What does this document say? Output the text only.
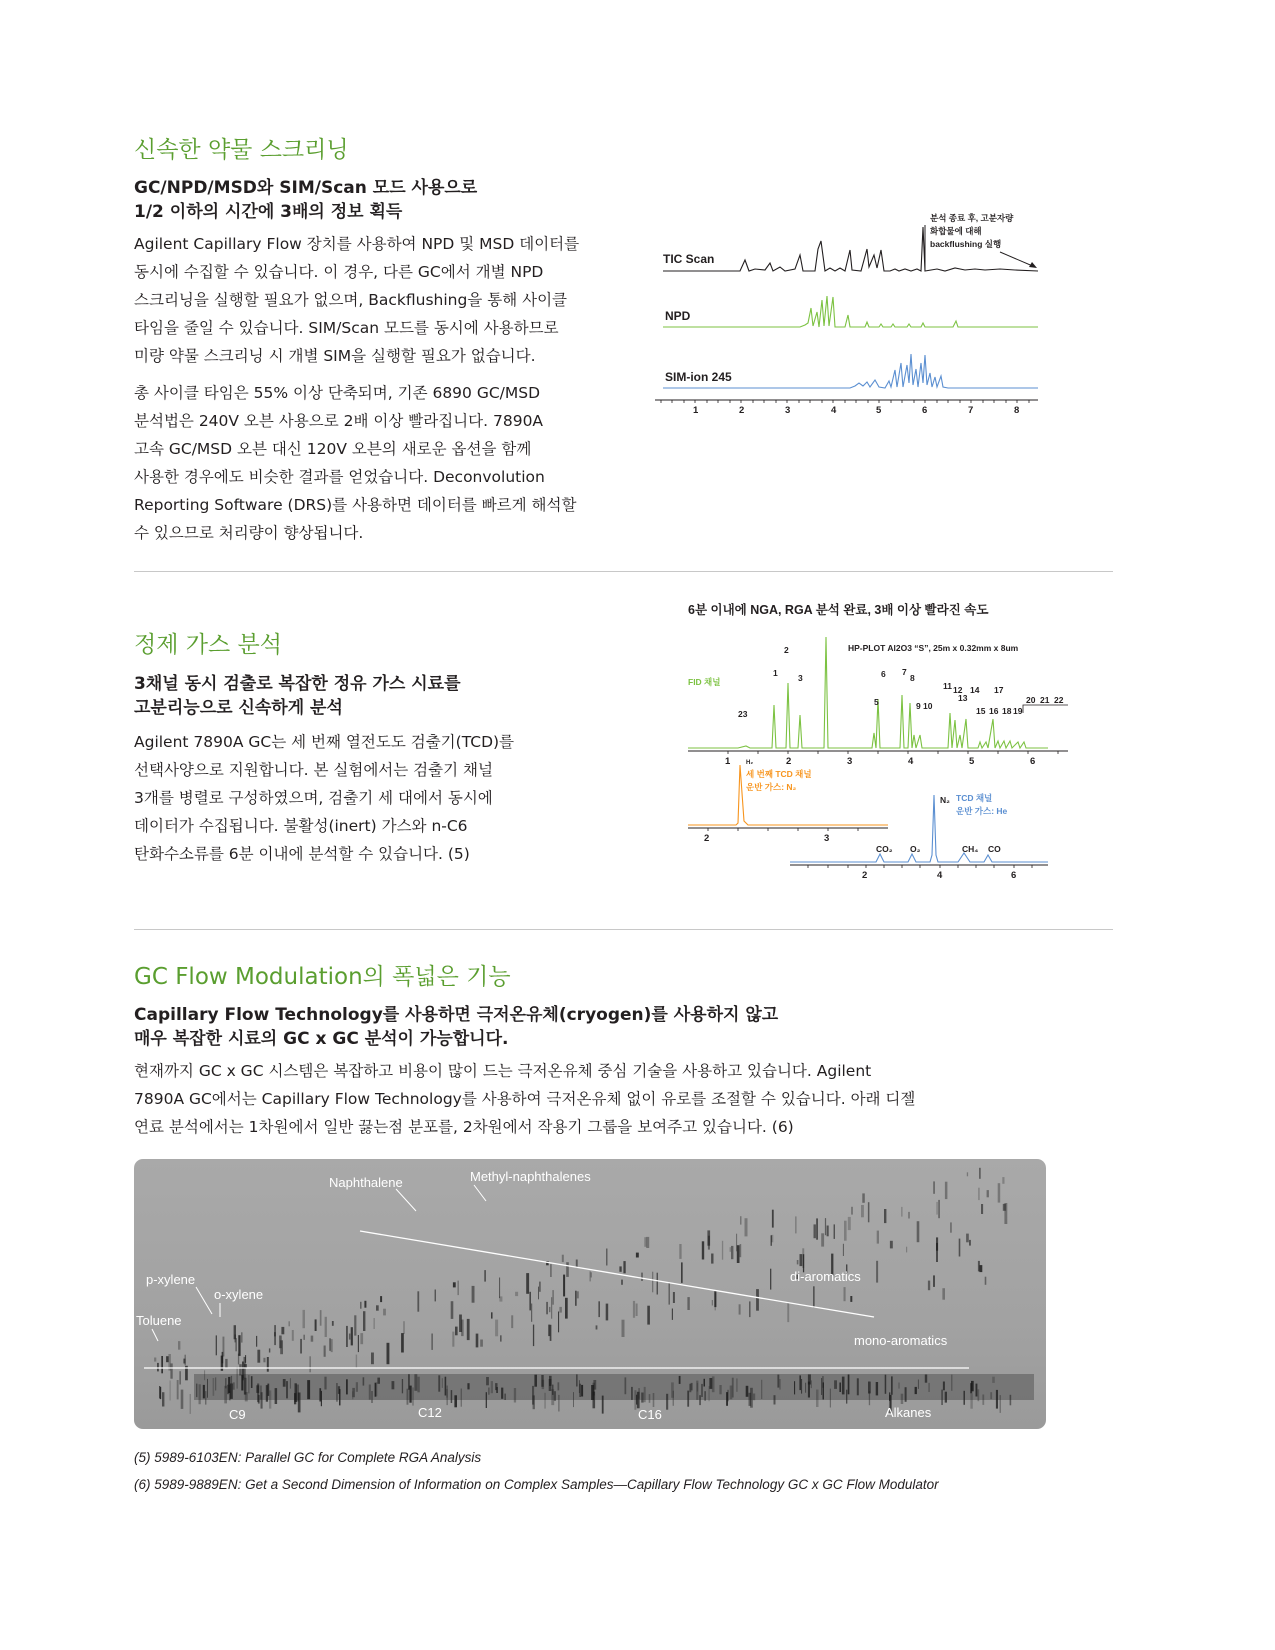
신속한 약물 스크리닝

GC/NPD/MSD와 SIM/Scan 모드 사용으로

1/2 이하의 시간에 3배의 정보 획득

Agilent Capillary Flow 장치를 사용하여 NPD 및 MSD 데이터를

동시에 수집할 수 있습니다. 이 경우, 다른 GC에서 개별 NPD

스크리닝을 실행할 필요가 없으며, Backflushing을 통해 사이클

타임을 줄일 수 있습니다. SIM/Scan 모드를 동시에 사용하므로

미량 약물 스크리닝 시 개별 SIM을 실행할 필요가 없습니다.

총 사이클 타임은 55% 이상 단축되며, 기존 6890 GC/MSD

분석법은 240V 오븐 사용으로 2배 이상 빨라집니다. 7890A

고속 GC/MSD 오븐 대신 120V 오븐의 새로운 옵션을 함께

사용한 경우에도 비슷한 결과를 얻었습니다. Deconvolution

Reporting Software (DRS)를 사용하면 데이터를 빠르게 해석할

수 있으므로 처리량이 향상됩니다.

분석 종료 후, 고분자량
화합물에 대해
backflushing 실행
TIC Scan
NPD
SIM-ion 245
1	2	3	4	5	6	7	8
정제 가스 분석

3채널 동시 검출로 복잡한 정유 가스 시료를

고분리능으로 신속하게 분석

Agilent 7890A GC는 세 번째 열전도도 검출기(TCD)를

선택사양으로 지원합니다. 본 실험에서는 검출기 채널

3개를 병렬로 구성하였으며, 검출기 세 대에서 동시에

데이터가 수집됩니다. 불활성(inert) 가스와 n-C6

탄화수소류를 6분 이내에 분석할 수 있습니다. (5)

6분 이내에 NGA, RGA 분석 완료, 3배 이상 빨라진 속도
HP-PLOT Al2O3 “S”, 25m x 0.32mm x 8um
FID 채널
2
1 3	6
5
7
8
9 10
11 12
13
14
15 16
17
18 19
20 21 22
23
1	2	3	4	5	6
H₂
세 번째 TCD 채널
운반 가스: N₂
2	3
N₂ TCD 채널
운반 가스: He
CO₂ O₂	CH₄ CO
2	4	6
GC Flow Modulation의 폭넓은 기능

Capillary Flow Technology를 사용하면 극저온유체(cryogen)를 사용하지 않고

매우 복잡한 시료의 GC x GC 분석이 가능합니다.

현재까지 GC x GC 시스템은 복잡하고 비용이 많이 드는 극저온유체 중심 기술을 사용하고 있습니다. Agilent

7890A GC에서는 Capillary Flow Technology를 사용하여 극저온유체 없이 유로를 조절할 수 있습니다. 아래 디젤

연료 분석에서는 1차원에서 일반 끓는점 분포를, 2차원에서 작용기 그룹을 보여주고 있습니다. (6)

Naphthalene	Methyl-naphthalenes
p-xylene
o-xylene
Toluene
di-aromatics
mono-aromatics
C9	C12	C16	Alkanes
(5) 5989-6103EN: Parallel GC for Complete RGA Analysis
(6) 5989-9889EN: Get a Second Dimension of Information on Complex Samples—Capillary Flow Technology GC x GC Flow Modulator
